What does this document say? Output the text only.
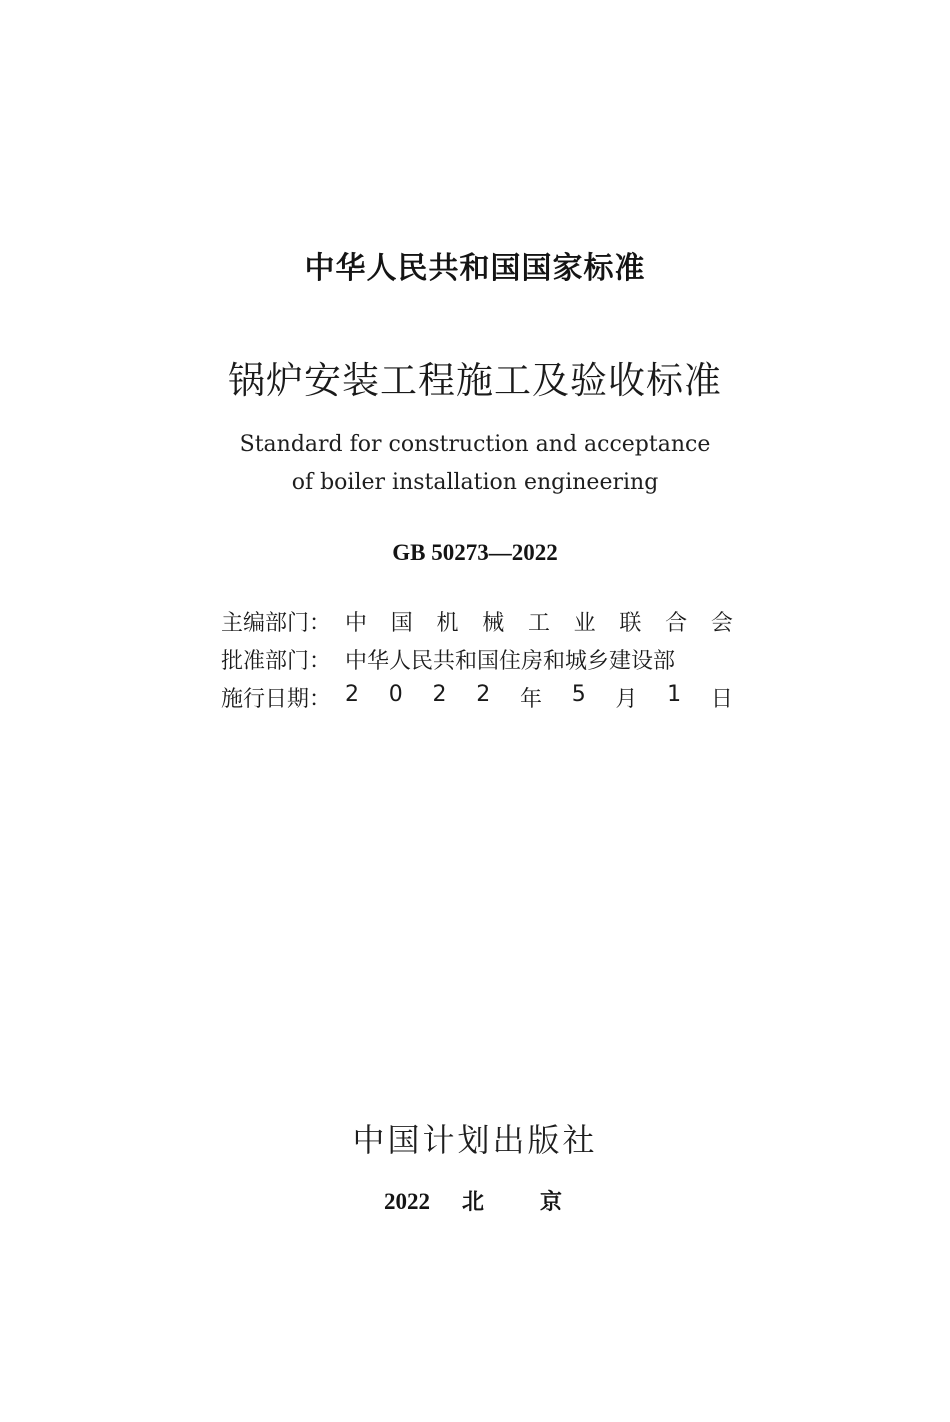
中华人民共和国国家标准
锅炉安装工程施工及验收标准
Standard for construction and acceptance
of boiler installation engineering
GB 50273—2022
主编部门： 中 国 机 械 工 业 联 合 会
批准部门： 中华人民共和国住房和城乡建设部
施行日期： 2 0 2 2 年 5 月 1 日
中国计划出版社
2022 北	京
